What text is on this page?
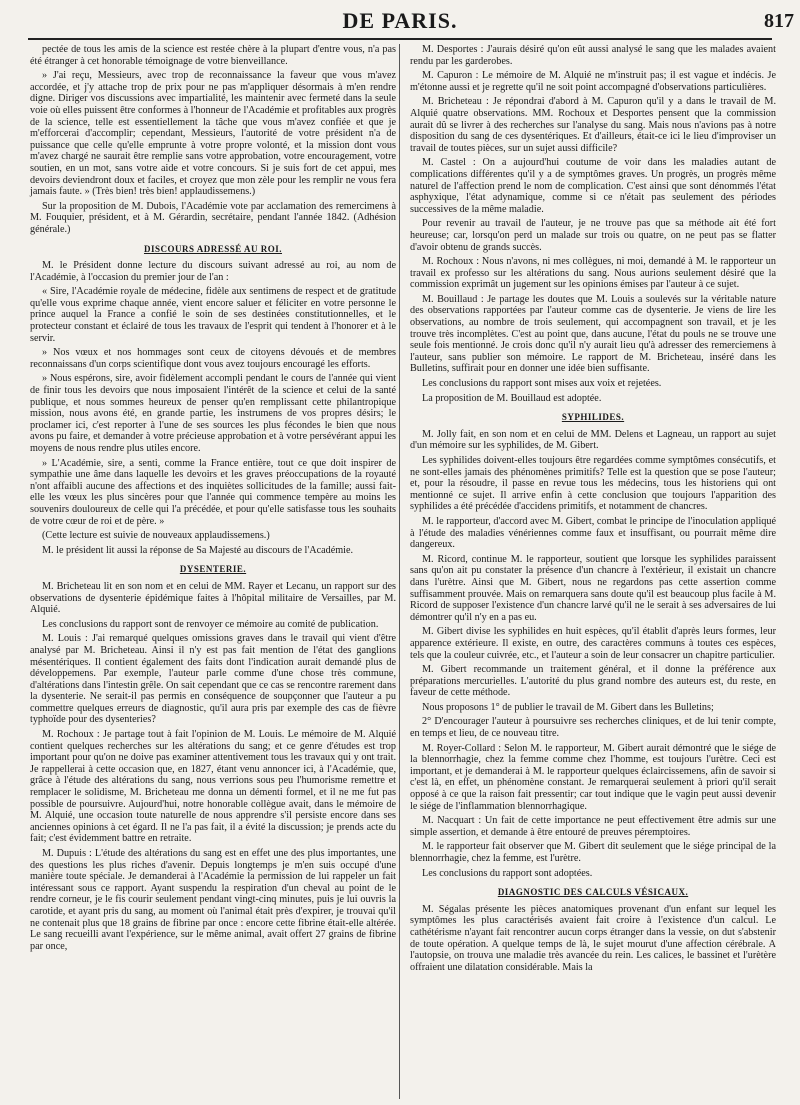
DE PARIS.	817

pectée de tous les amis de la science est restée chère à la plupart d'entre vous, n'a pas été étranger à cet honorable témoignage de votre bienveillance.

» J'ai reçu, Messieurs, avec trop de reconnaissance la faveur que vous m'avez accordée, et j'y attache trop de prix pour ne pas m'appliquer désormais à m'en rendre digne. Diriger vos discussions avec impartialité, les maintenir avec fermeté dans la seule voie où elles puissent être conformes à l'honneur de l'Académie et profitables aux progrès de la science, telle est essentiellement la tâche que vous m'avez confiée et que je m'efforcerai d'accomplir; cependant, Messieurs, l'autorité de votre président n'a de puissance que celle qu'elle emprunte à votre propre volonté, et la mission dont vous m'avez chargé ne saurait être remplie sans votre approbation, votre encouragement, votre soutien, en un mot, sans votre aide et votre concours. Si je suis fort de cet appui, mes devoirs deviendront doux et faciles, et croyez que mon zèle pour les remplir ne vous fera jamais faute. » (Très bien! très bien! applaudissemens.)

Sur la proposition de M. Dubois, l'Académie vote par acclamation des remercimens à M. Fouquier, président, et à M. Gérardin, secrétaire, pendant l'année 1842. (Adhésion générale.)

DISCOURS ADRESSÉ AU ROI.

M. le Président donne lecture du discours suivant adressé au roi, au nom de l'Académie, à l'occasion du premier jour de l'an :

« Sire, l'Académie royale de médecine, fidèle aux sentimens de respect et de gratitude qu'elle vous exprime chaque année, vient encore saluer et féliciter en votre personne le prince auquel la France a confié le soin de ses destinées constitutionnelles, et le protecteur constant et éclairé de tous les travaux de l'esprit qui tendent à l'honorer et à le servir.

» Nos vœux et nos hommages sont ceux de citoyens dévoués et de membres reconnaissans d'un corps scientifique dont vous avez toujours encouragé les efforts.

» Nous espérons, sire, avoir fidèlement accompli pendant le cours de l'année qui vient de finir tous les devoirs que nous imposaient l'intérêt de la science et celui de la santé publique, et nous sommes heureux de penser qu'en remplissant cette philantropique mission, nous avons été, en grande partie, les instrumens de vos propres désirs; le proclamer ici, c'est reporter à l'une de ses sources les plus fécondes le bien que nous avons pu faire, et demander à votre précieuse approbation et à votre persévérant appui les moyens de nous rendre plus utiles encore.

» L'Académie, sire, a senti, comme la France entière, tout ce que doit inspirer de sympathie une âme dans laquelle les devoirs et les graves préoccupations de la royauté n'ont affaibli aucune des affections et des inquiètes sollicitudes de la famille; aussi fait-elle les vœux les plus sincères pour que l'année qui commence tempère au moins les souvenirs douloureux de celle qui l'a précédée, et pour qu'elle satisfasse tous les souhaits de votre cœur de roi et de père. »

(Cette lecture est suivie de nouveaux applaudissemens.)

M. le président lit aussi la réponse de Sa Majesté au discours de l'Académie.

DYSENTERIE.

M. Bricheteau lit en son nom et en celui de MM. Rayer et Lecanu, un rapport sur des observations de dysenterie épidémique faites à l'hôpital militaire de Versailles, par M. Alquié.

Les conclusions du rapport sont de renvoyer ce mémoire au comité de publication.

M. Louis : J'ai remarqué quelques omissions graves dans le travail qui vient d'être analysé par M. Bricheteau. Ainsi il n'y est pas fait mention de l'état des ganglions mésentériques. Il contient également des faits dont l'indication aurait demandé plus de développemens. Par exemple, l'auteur parle comme d'une chose très commune, d'altérations dans l'intestin grêle. On sait cependant que ce cas se rencontre rarement dans la dysenterie. Ne serait-il pas permis en conséquence de soupçonner que l'auteur a pu commettre quelques erreurs de diagnostic, qu'il aura pris par exemple des cas de fièvre typhoïde pour des dysenteries?

M. Rochoux : Je partage tout à fait l'opinion de M. Louis. Le mémoire de M. Alquié contient quelques recherches sur les altérations du sang; et ce genre d'études est trop important pour qu'on ne doive pas examiner attentivement tous les travaux qui y ont trait. Je rappellerai à cette occasion que, en 1827, étant venu annoncer ici, à l'Académie, que, grâce à l'étude des altérations du sang, nous verrions sous peu l'humorisme remettre et remplacer le solidisme, M. Bricheteau me donna un démenti formel, et il ne me fut pas possible de poursuivre. Aujourd'hui, notre honorable collègue avait, dans le mémoire de M. Alquié, une occasion toute naturelle de nous apprendre s'il persiste encore dans ses anciennes opinions à cet égard. Il ne l'a pas fait, il a évité la discussion; je prends acte du fait; c'est évidemment battre en retraite.

M. Dupuis : L'étude des altérations du sang est en effet une des plus importantes, une des questions les plus riches d'avenir. Depuis longtemps je m'en suis occupé d'une manière toute spéciale. Je demanderai à l'Académie la permission de lui rappeler un fait intéressant sous ce rapport. Ayant suspendu la respiration d'un cheval au point de le rendre corneur, je le fis courir seulement pendant vingt-cinq minutes, puis je lui ouvris la carotide, et ayant pris du sang, au moment où l'animal était près d'expirer, je trouvai qu'il ne contenait plus que 18 grains de fibrine par once : encore cette fibrine était-elle altérée. Le sang recueilli avant l'expérience, sur le même animal, avait offert 27 grains de fibrine par once,

M. Desportes : J'aurais désiré qu'on eût aussi analysé le sang que les malades avaient rendu par les garderobes.

M. Capuron : Le mémoire de M. Alquié ne m'instruit pas; il est vague et indécis. Je m'étonne aussi et je regrette qu'il ne soit point accompagné d'observations particulières.

M. Bricheteau : Je répondrai d'abord à M. Capuron qu'il y a dans le travail de M. Alquié quatre observations. MM. Rochoux et Desportes pensent que la commission aurait dû se livrer à des recherches sur l'analyse du sang. Mais nous n'avions pas à notre disposition du sang de ces dysentériques. Et d'ailleurs, était-ce ici le lieu d'improviser un travail de toutes pièces, sur un sujet aussi difficile?

M. Castel : On a aujourd'hui coutume de voir dans les maladies autant de complications différentes qu'il y a de symptômes graves. Un progrès, un progrès même naturel de l'affection prend le nom de complication. C'est ainsi que sont dénommés l'état asphyxique, l'état adynamique, comme si ce n'était pas seulement des périodes successives de la même maladie.

Pour revenir au travail de l'auteur, je ne trouve pas que sa méthode ait été fort heureuse; car, lorsqu'on perd un malade sur trois ou quatre, on ne peut pas se flatter d'avoir obtenu de grands succès.

M. Rochoux : Nous n'avons, ni mes collègues, ni moi, demandé à M. le rapporteur un travail ex professo sur les altérations du sang. Nous aurions seulement désiré que la commission exprimât un jugement sur les opinions émises par l'auteur à ce sujet.

M. Bouillaud : Je partage les doutes que M. Louis a soulevés sur la véritable nature des observations rapportées par l'auteur comme cas de dysenterie. Je viens de lire les observations, au nombre de trois seulement, qui accompagnent son travail, et je les trouve très incomplètes. C'est au point que, dans aucune, l'état du pouls ne se trouve une seule fois mentionné. Je crois donc qu'il n'y aurait lieu qu'à adresser des remerciemens à l'auteur, sans publier son mémoire. Le rapport de M. Bricheteau, inséré dans les Bulletins, suffirait pour en donner une idée bien suffisante.

Les conclusions du rapport sont mises aux voix et rejetées.

La proposition de M. Bouillaud est adoptée.

SYPHILIDES.

M. Jolly fait, en son nom et en celui de MM. Delens et Lagneau, un rapport au sujet d'un mémoire sur les syphilides, de M. Gibert.

Les syphilides doivent-elles toujours être regardées comme symptômes consécutifs, et ne sont-elles jamais des phénomènes primitifs? Telle est la question que se pose l'auteur; et, pour la résoudre, il passe en revue tous les médecins, tous les historiens qui ont mentionné ce sujet. Il arrive enfin à cette conclusion que toujours l'apparition des syphilides a été précédée d'accidens primitifs, et notamment de chancres.

M. le rapporteur, d'accord avec M. Gibert, combat le principe de l'inoculation appliqué à l'étude des maladies vénériennes comme faux et insuffisant, ou pourrait même dire dangereux.

M. Ricord, continue M. le rapporteur, soutient que lorsque les syphilides paraissent sans qu'on ait pu constater la présence d'un chancre à l'extérieur, il existait un chancre dans l'urètre. Ainsi que M. Gibert, nous ne regardons pas cette assertion comme suffisamment prouvée. Mais on remarquera sans doute qu'il est beaucoup plus facile à M. Ricord de supposer l'existence d'un chancre larvé qu'il ne le serait à ses adversaires de lui démontrer qu'il n'y en a pas eu.

M. Gibert divise les syphilides en huit espèces, qu'il établit d'après leurs formes, leur apparence extérieure. Il existe, en outre, des caractères communs à toutes ces espèces, tels que la couleur cuivrée, etc., et l'auteur a soin de leur consacrer un chapitre particulier.

M. Gibert recommande un traitement général, et il donne la préférence aux préparations mercurielles. L'autorité du plus grand nombre des auteurs est, du reste, en faveur de cette méthode.

Nous proposons 1° de publier le travail de M. Gibert dans les Bulletins;

2° D'encourager l'auteur à poursuivre ses recherches cliniques, et de lui tenir compte, en temps et lieu, de ce nouveau titre.

M. Royer-Collard : Selon M. le rapporteur, M. Gibert aurait démontré que le siége de la blennorrhagie, chez la femme comme chez l'homme, est toujours l'urètre. Ceci est important, et je demanderai à M. le rapporteur quelques éclaircissemens, afin de savoir si c'est là, en effet, un phénomène constant. Je remarquerai seulement à priori qu'il serait opposé à ce que la raison fait pressentir; car tout indique que le vagin peut aussi devenir le siége de l'inflammation blennorrhagique.

M. Nacquart : Un fait de cette importance ne peut effectivement être admis sur une simple assertion, et demande à être entouré de preuves péremptoires.

M. le rapporteur fait observer que M. Gibert dit seulement que le siége principal de la blennorrhagie, chez la femme, est l'urètre.

Les conclusions du rapport sont adoptées.

DIAGNOSTIC DES CALCULS VÉSICAUX.

M. Ségalas présente les pièces anatomiques provenant d'un enfant sur lequel les symptômes les plus caractérisés avaient fait croire à l'existence d'un calcul. Le cathétérisme n'ayant fait rencontrer aucun corps étranger dans la vessie, on dut s'abstenir de toute opération. A quelque temps de là, le sujet mourut d'une affection cérébrale. A l'autopsie, on trouva une maladie très avancée du rein. Les calices, le bassinet et l'urètère offraient une dilatation considérable. Mais la
